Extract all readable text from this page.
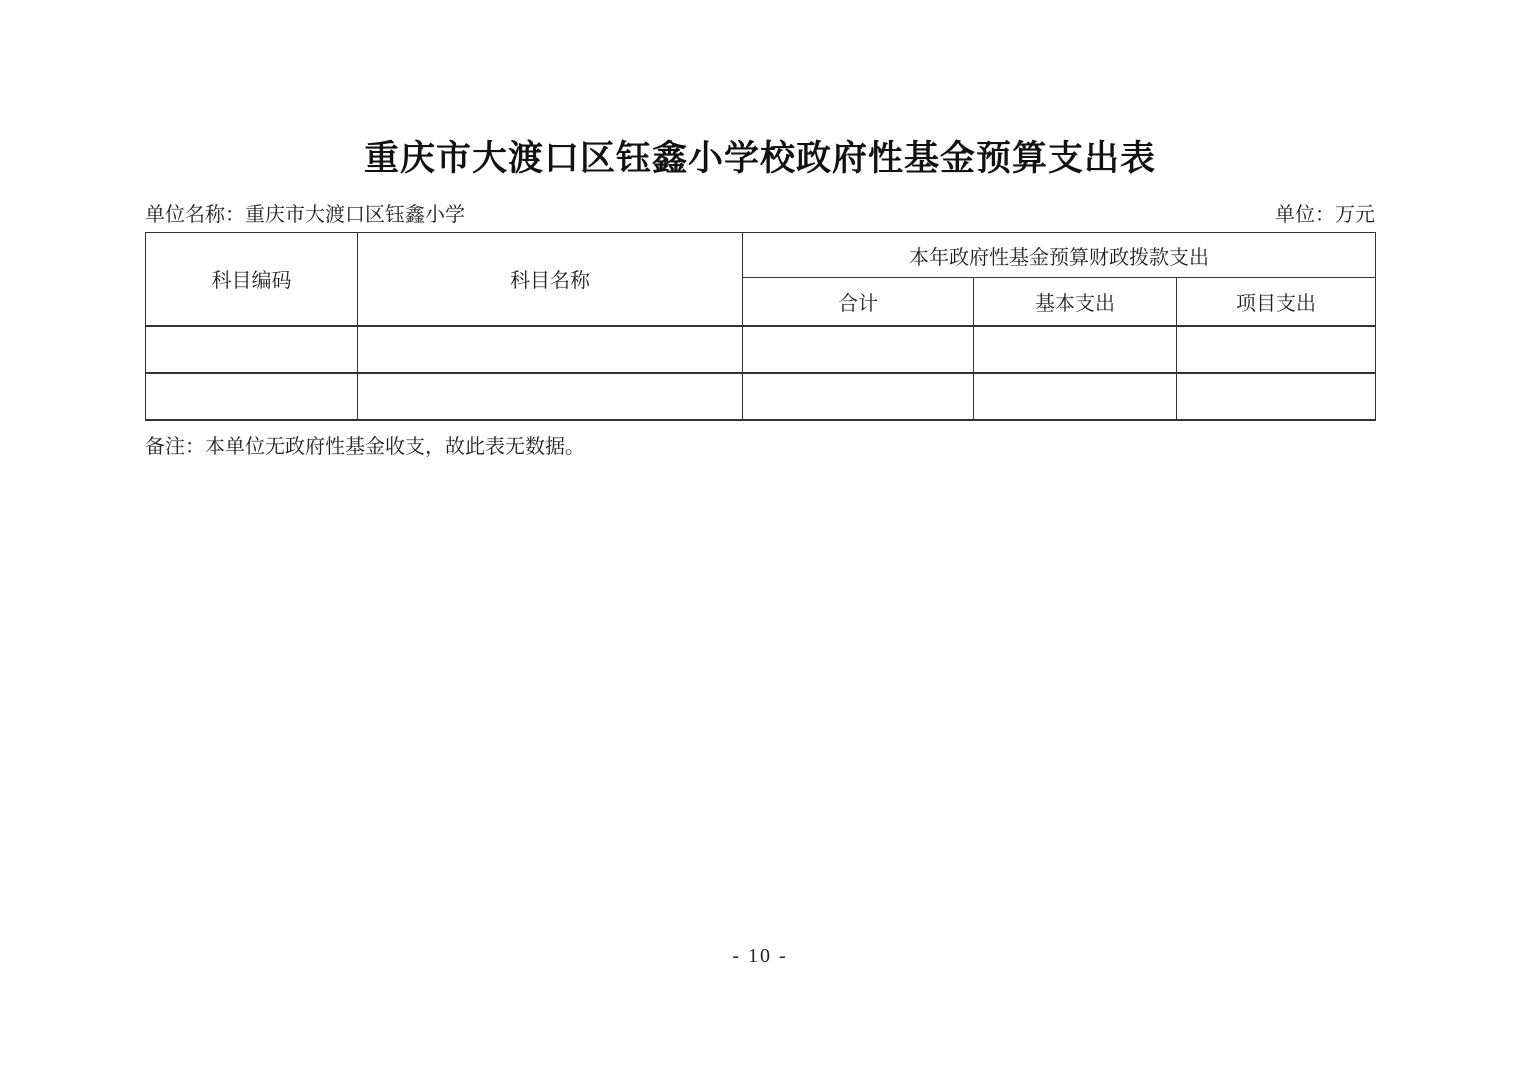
重庆市大渡口区钰鑫小学校政府性基金预算支出表
单位名称：重庆市大渡口区钰鑫小学	单位：万元
科目编码	科目名称	本年政府性基金预算财政拨款支出		
		合计	基本支出	项目支出

备注：本单位无政府性基金收支，故此表无数据。
- 10 -
